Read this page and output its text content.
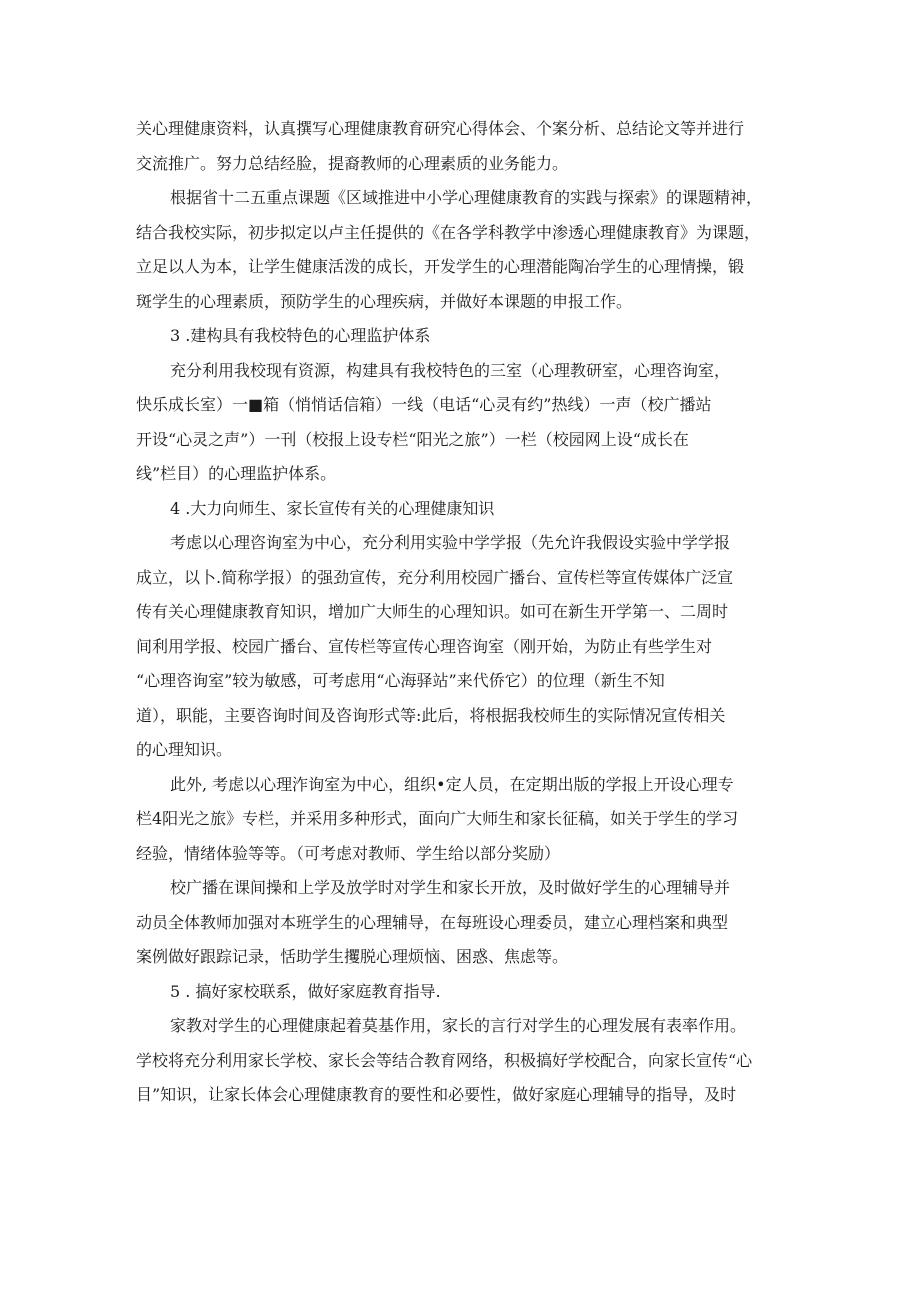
关心理健康资料，认真撰写心理健康教育研究心得体会、个案分析、总结论文等并进行
交流推广。努力总结经脸，提裔教师的心理素质的业务能力。
根据省十二五重点课题《区域推进中小学心理健康教育的实践与探索》的课题精神，
结合我校实际，初步拟定以卢主任提供的《在各学科教学中渗透心理健康教育》为课题，
立足以人为本，让学生健康活泼的成长，开发学生的心理潜能陶冶学生的心理情操，锻
斑学生的心理素质，预防学生的心理疾病，并做好本课题的申报工作。
3 .建构具有我校特色的心理监护体系
充分利用我校现有资源，构建具有我校特色的三室（心理教研室，心理咨询室，
快乐成长室）一■箱（悄悄话信箱）一线（电话“心灵有约”热线）一声（校广播站
开设“心灵之声”）一刊（校报上设专栏“阳光之旅”）一栏（校园网上设“成长在
线”栏目）的心理监护体系。
4 .大力向师生、家长宣传有关的心理健康知识
考虑以心理咨询室为中心，充分利用实验中学学报（先允许我假设实验中学学报
成立，以卜.简称学报）的强劲宣传，充分利用校园广播台、宣传栏等宣传媒体广泛宣
传有关心理健康教育知识，增加广大师生的心理知识。如可在新生开学第一、二周时
间利用学报、校园广播台、宣传栏等宣传心理咨询室（刚开始，为防止有些学生对
“心理咨询室”较为敏感，可考虑用“心海驿站”来代侨它）的位理（新生不知
道），职能，主要咨询时间及咨询形式等:此后，将根据我校师生的实际情况宣传相关
的心理知识。
此外, 考虑以心理泎询室为中心，组织•定人员，在定期出版的学报上开设心理专
栏4阳光之旅》专栏，并采用多种形式，面向广大师生和家长征稿，如关于学生的学习
经验，情绪体验等等。（可考虑对教师、学生给以部分奖励）
校广播在课间操和上学及放学时对学生和家长开放，及时做好学生的心理辅导并
动员全体教师加强对本班学生的心理辅导，在每班设心理委员，建立心理档案和典型
案例做好跟踪记录，恬助学生攫脱心理烦恼、困惑、焦虑等。
5 . 搞好家校联系，做好家庭教育指导.
家教对学生的心理健康起着莫基作用，家长的言行对学生的心理发展有表率作用。
学校将充分利用家长学校、家长会等结合教育网络，积极搞好学校配合，向家长宣传“心
目”知识，让家长体会心理健康教育的要性和必要性，做好家庭心理辅导的指导，及时
